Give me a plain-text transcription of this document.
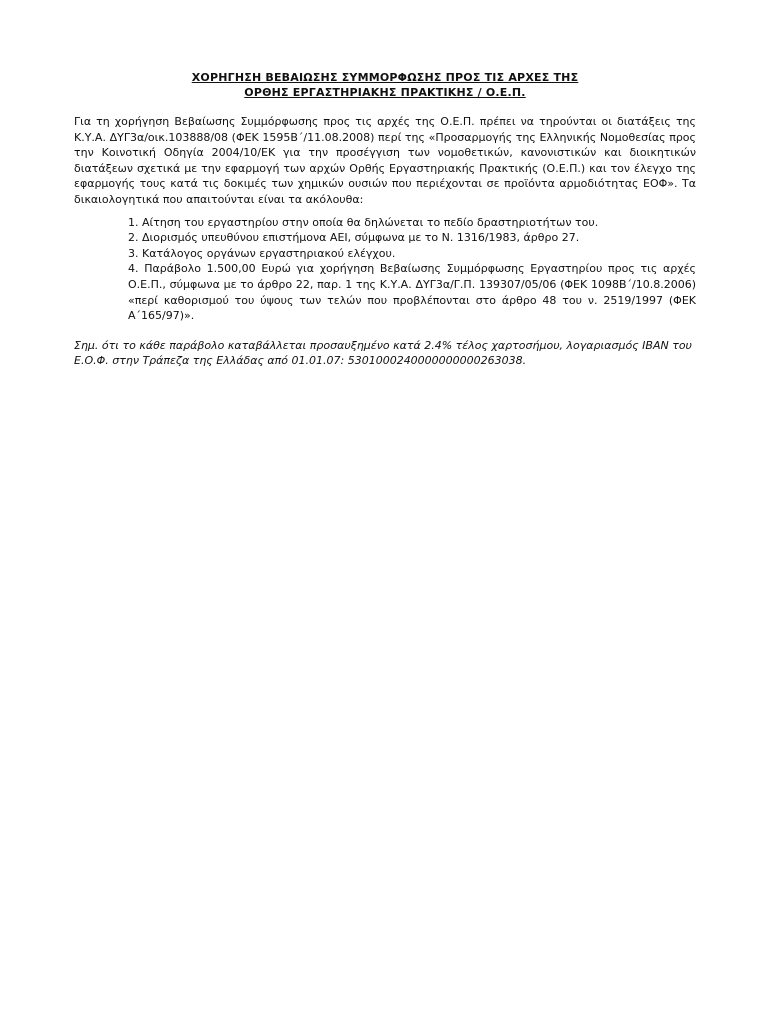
ΧΟΡΗΓΗΣΗ ΒΕΒΑΙΩΣΗΣ ΣΥΜΜΟΡΦΩΣΗΣ ΠΡΟΣ ΤΙΣ ΑΡΧΕΣ ΤΗΣ
ΟΡΘΗΣ ΕΡΓΑΣΤΗΡΙΑΚΗΣ ΠΡΑΚΤΙΚΗΣ / Ο.Ε.Π.

Για τη χορήγηση Βεβαίωσης Συμμόρφωσης προς τις αρχές της Ο.Ε.Π. πρέπει να τηρούνται οι διατάξεις της Κ.Υ.Α. ΔΥΓ3α/οικ.103888/08 (ΦΕΚ 1595Β΄/11.08.2008) περί της «Προσαρμογής της Ελληνικής Νομοθεσίας προς την Κοινοτική Οδηγία 2004/10/ΕΚ για την προσέγγιση των νομοθετικών, κανονιστικών και διοικητικών διατάξεων σχετικά με την εφαρμογή των αρχών Ορθής Εργαστηριακής Πρακτικής (Ο.Ε.Π.) και τον έλεγχο της εφαρμογής τους κατά τις δοκιμές των χημικών ουσιών που περιέχονται σε προϊόντα αρμοδιότητας ΕΟΦ». Τα δικαιολογητικά που απαιτούνται είναι τα ακόλουθα:

1. Αίτηση του εργαστηρίου στην οποία θα δηλώνεται το πεδίο δραστηριοτήτων του.
2. Διορισμός υπευθύνου επιστήμονα ΑΕΙ, σύμφωνα με το Ν. 1316/1983, άρθρο 27.
3. Κατάλογος οργάνων εργαστηριακού ελέγχου.
4. Παράβολο 1.500,00 Ευρώ για χορήγηση Βεβαίωσης Συμμόρφωσης Εργαστηρίου προς τις αρχές Ο.Ε.Π., σύμφωνα με το άρθρο 22, παρ. 1 της Κ.Υ.Α. ΔΥΓ3α/Γ.Π. 139307/05/06 (ΦΕΚ 1098Β΄/10.8.2006) «περί καθορισμού του ύψους των τελών που προβλέπονται στο άρθρο 48 του ν. 2519/1997 (ΦΕΚ Α΄165/97)».

Σημ. ότι το κάθε παράβολο καταβάλλεται προσαυξημένο κατά 2.4% τέλος χαρτοσήμου, λογαριασμός IBAN του Ε.Ο.Φ. στην Τράπεζα της Ελλάδας από 01.01.07: 5301000240000000000263038.
